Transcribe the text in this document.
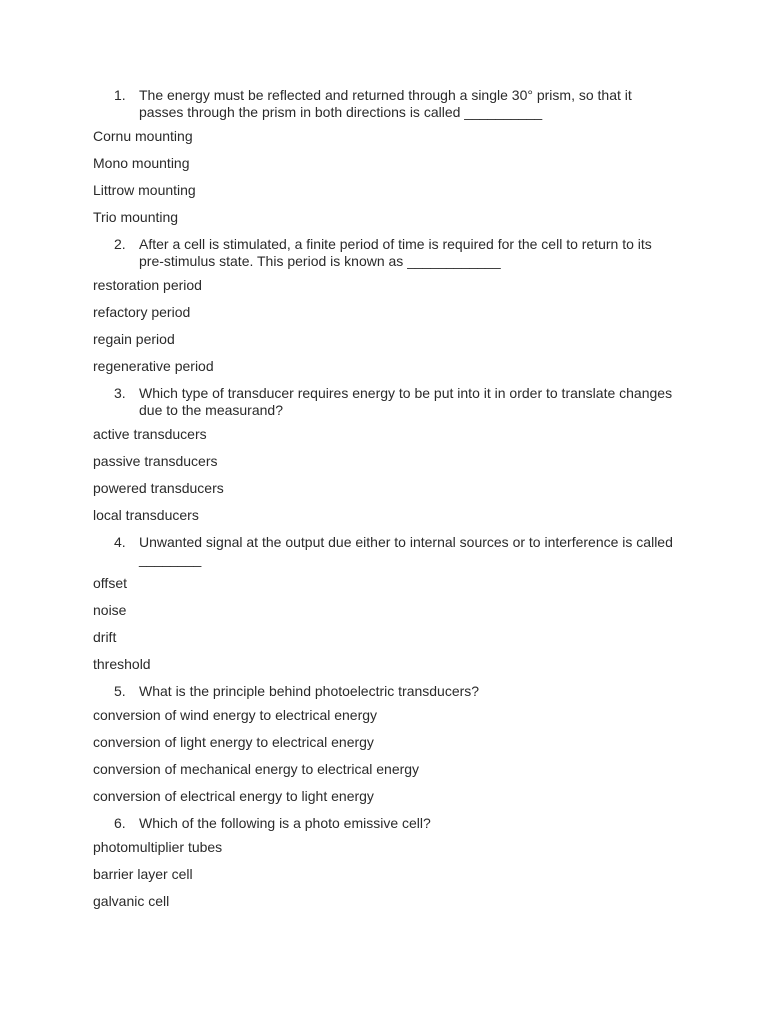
1. The energy must be reflected and returned through a single 30° prism, so that it passes through the prism in both directions is called __________
Cornu mounting
Mono mounting
Littrow mounting
Trio mounting
2. After a cell is stimulated, a finite period of time is required for the cell to return to its pre-stimulus state. This period is known as ____________
restoration period
refactory period
regain period
regenerative period
3. Which type of transducer requires energy to be put into it in order to translate changes due to the measurand?
active transducers
passive transducers
powered transducers
local transducers
4. Unwanted signal at the output due either to internal sources or to interference is called ________
offset
noise
drift
threshold
5. What is the principle behind photoelectric transducers?
conversion of wind energy to electrical energy
conversion of light energy to electrical energy
conversion of mechanical energy to electrical energy
conversion of electrical energy to light energy
6. Which of the following is a photo emissive cell?
photomultiplier tubes
barrier layer cell
galvanic cell
